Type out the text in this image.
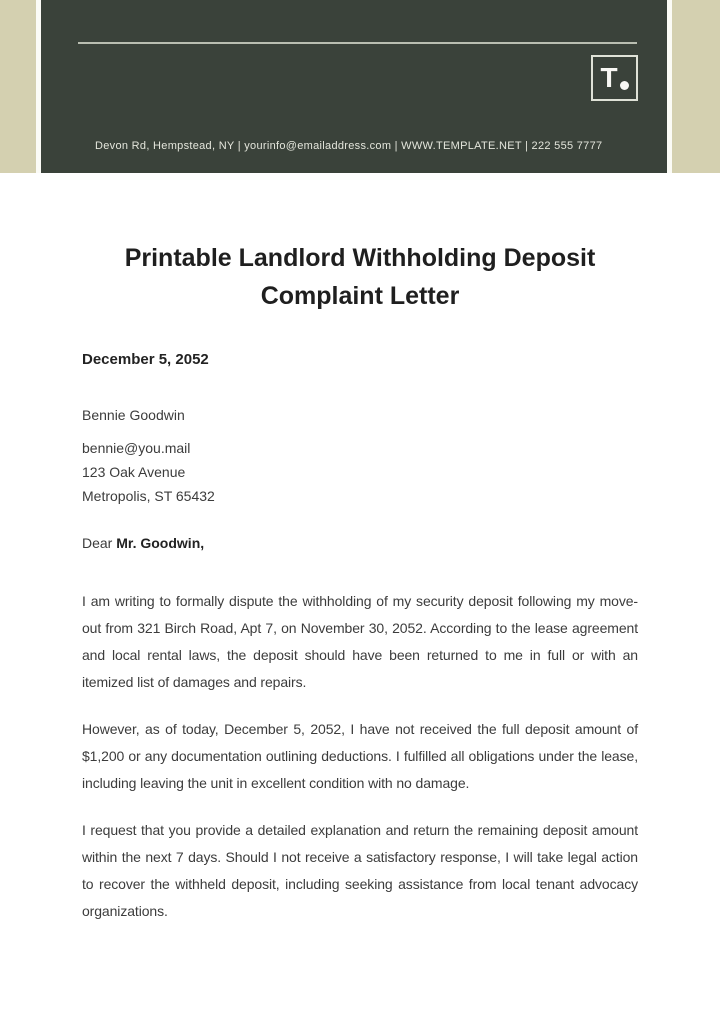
T
Devon Rd, Hempstead, NY | yourinfo@emailaddress.com | WWW.TEMPLATE.NET | 222 555 7777
Printable Landlord Withholding Deposit
Complaint Letter

December 5, 2052

Bennie Goodwin

bennie@you.mail

123 Oak Avenue

Metropolis, ST 65432

Dear Mr. Goodwin,

I am writing to formally dispute the withholding of my security deposit following my move-out from 321 Birch Road, Apt 7, on November 30, 2052. According to the lease agreement and local rental laws, the deposit should have been returned to me in full or with an itemized list of damages and repairs.

However, as of today, December 5, 2052, I have not received the full deposit amount of $1,200 or any documentation outlining deductions. I fulfilled all obligations under the lease, including leaving the unit in excellent condition with no damage.

I request that you provide a detailed explanation and return the remaining deposit amount within the next 7 days. Should I not receive a satisfactory response, I will take legal action to recover the withheld deposit, including seeking assistance from local tenant advocacy organizations.
